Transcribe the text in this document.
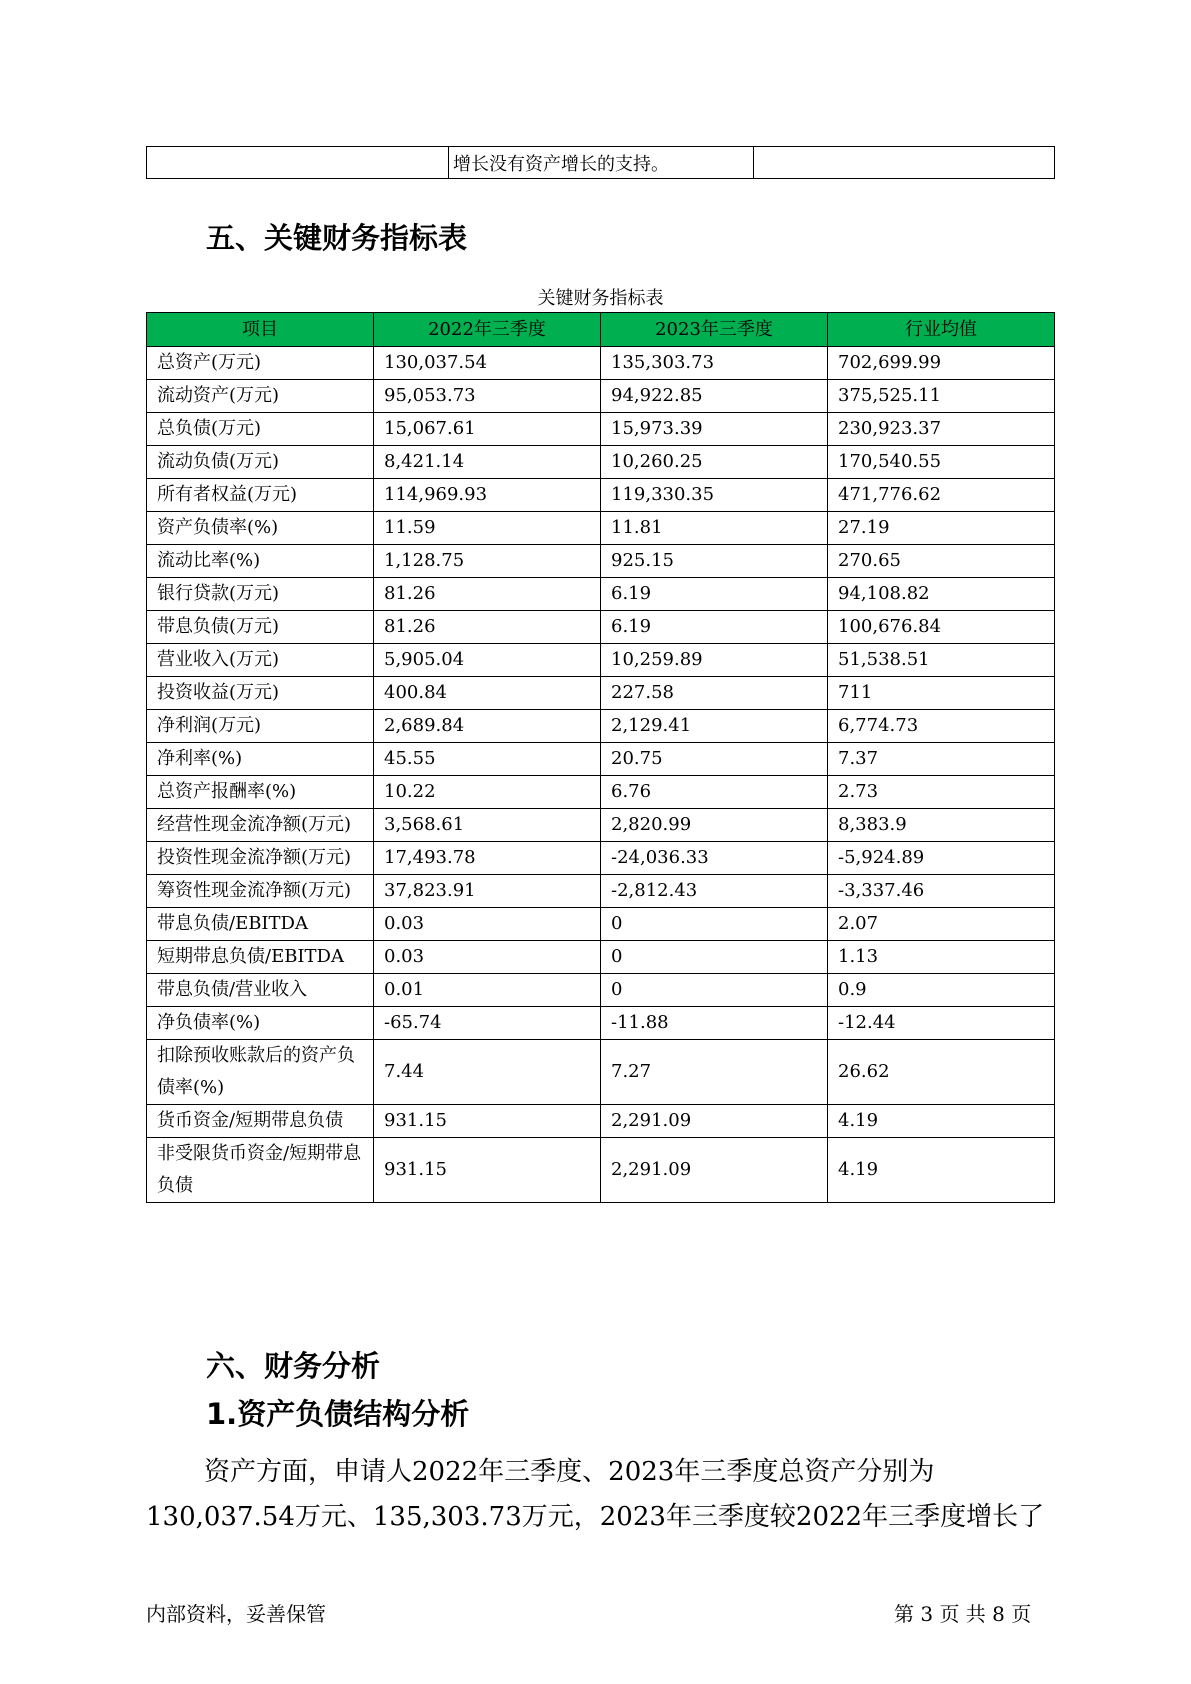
	增长没有资产增长的支持。	
五、关键财务指标表
关键财务指标表
项目	2022年三季度	2023年三季度	行业均值
总资产(万元)	130,037.54	135,303.73	702,699.99
流动资产(万元)	95,053.73	94,922.85	375,525.11
总负债(万元)	15,067.61	15,973.39	230,923.37
流动负债(万元)	8,421.14	10,260.25	170,540.55
所有者权益(万元)	114,969.93	119,330.35	471,776.62
资产负债率(%)	11.59	11.81	27.19
流动比率(%)	1,128.75	925.15	270.65
银行贷款(万元)	81.26	6.19	94,108.82
带息负债(万元)	81.26	6.19	100,676.84
营业收入(万元)	5,905.04	10,259.89	51,538.51
投资收益(万元)	400.84	227.58	711
净利润(万元)	2,689.84	2,129.41	6,774.73
净利率(%)	45.55	20.75	7.37
总资产报酬率(%)	10.22	6.76	2.73
经营性现金流净额(万元)	3,568.61	2,820.99	8,383.9
投资性现金流净额(万元)	17,493.78	-24,036.33	-5,924.89
筹资性现金流净额(万元)	37,823.91	-2,812.43	-3,337.46
带息负债/EBITDA	0.03	0	2.07
短期带息负债/EBITDA	0.03	0	1.13
带息负债/营业收入	0.01	0	0.9
净负债率(%)	-65.74	-11.88	-12.44
扣除预收账款后的资产负债率(%)	7.44	7.27	26.62
货币资金/短期带息负债	931.15	2,291.09	4.19
非受限货币资金/短期带息负债	931.15	2,291.09	4.19
六、财务分析
1.资产负债结构分析

资产方面，申请人2022年三季度、2023年三季度总资产分别为

130,037.54万元、135,303.73万元，2023年三季度较2022年三季度增长了

内部资料，妥善保管	第 3 页 共 8 页
